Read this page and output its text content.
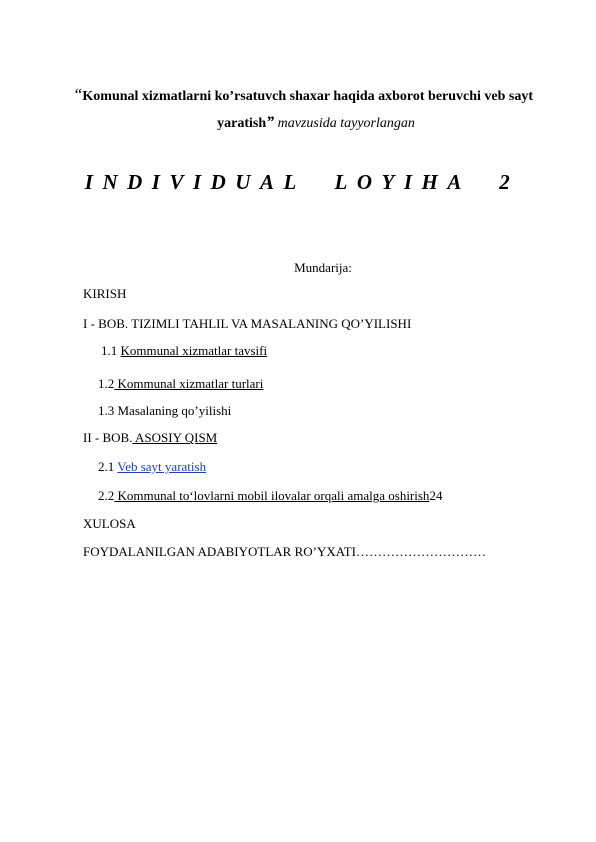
“Komunal xizmatlarni ko’rsatuvch shaxar haqida axborot beruvchi veb sayt
yaratish” mavzusida tayyorlangan
INDIVIDUAL  LOYIHA  2
Mundarija:
KIRISH
I - BOB. TIZIMLI TAHLIL VA MASALANING QO’YILISHI
1.1 Kommunal xizmatlar tavsifi
1.2 Kommunal xizmatlar turlari
1.3 Masalaning qo’yilishi
II - BOB. ASOSIY QISM
2.1 Veb sayt yaratish
2.2 Kommunal to‘lovlarni mobil ilovalar orqali amalga oshirish24
XULOSA
FOYDALANILGAN ADABIYOTLAR RO’YXATI…………………………
